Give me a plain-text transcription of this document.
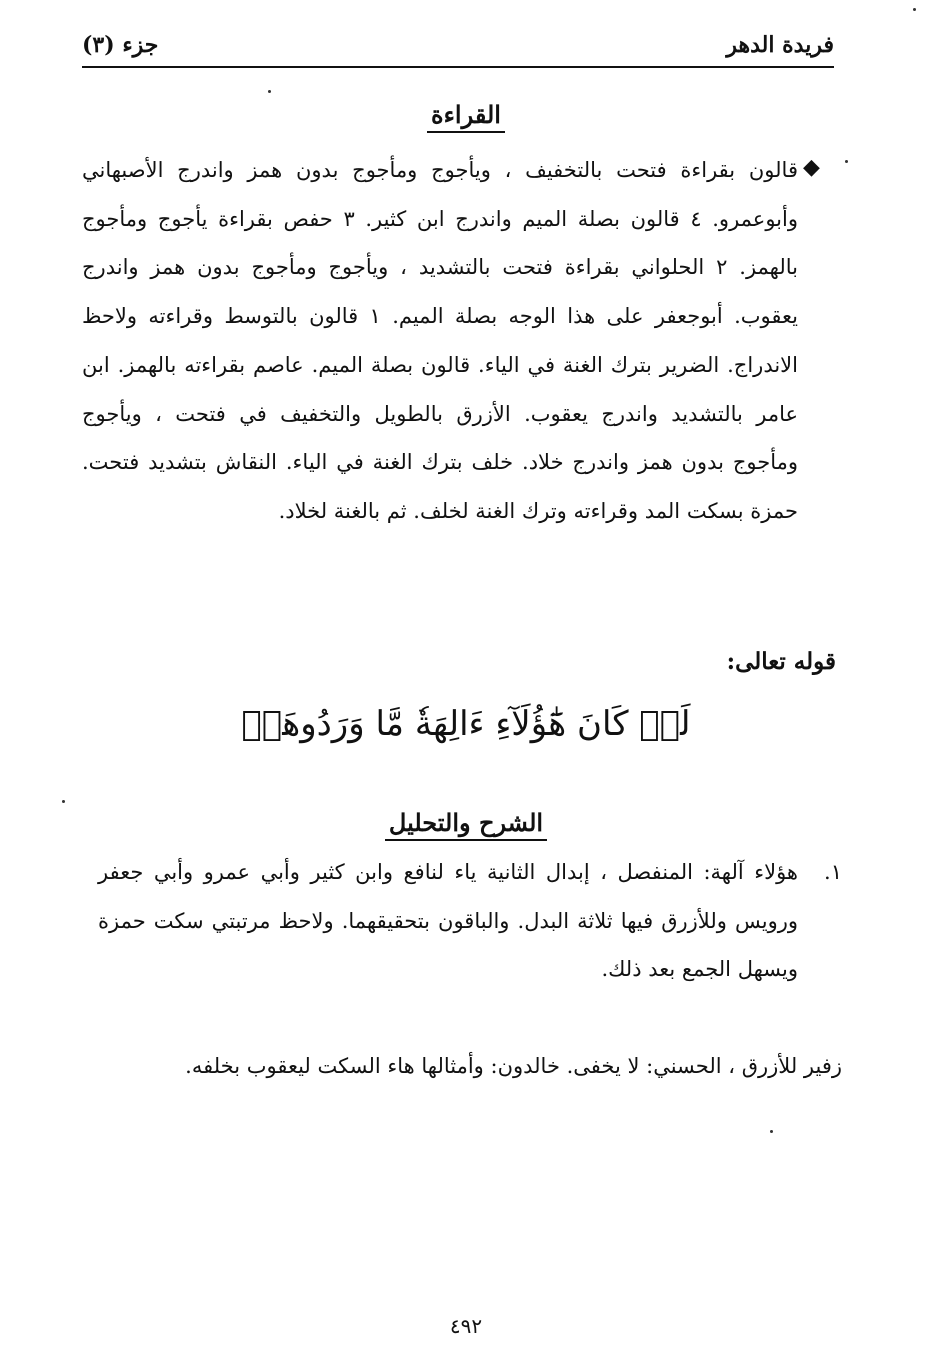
فريدة الدهر
جزء (٣)
القراءة
◆
قالون بقراءة فتحت بالتخفيف ، ويأجوج ومأجوج بدون همز واندرج الأصبهاني وأبوعمرو. ٤ قالون بصلة الميم واندرج ابن كثير. ٣ حفص بقراءة يأجوج ومأجوج بالهمز. ٢ الحلواني بقراءة فتحت بالتشديد ، ويأجوج ومأجوج بدون همز واندرج يعقوب. أبوجعفر على هذا الوجه بصلة الميم. ١ قالون بالتوسط وقراءته ولاحظ الاندراج. الضرير بترك الغنة في الياء. قالون بصلة الميم. عاصم بقراءته بالهمز. ابن عامر بالتشديد واندرج يعقوب. الأزرق بالطويل والتخفيف في فتحت ، ويأجوج ومأجوج بدون همز واندرج خلاد. خلف بترك الغنة في الياء. النقاش بتشديد فتحت. حمزة بسكت المد وقراءته وترك الغنة لخلف. ثم بالغنة لخلاد.
قوله تعالى:
لَوۡ كَانَ هَٰٓؤُلَآءِ ءَالِهَةٗ مَّا وَرَدُوهَاۖ
الشرح والتحليل
١.
هؤلاء آلهة: المنفصل ، إبدال الثانية ياء لنافع وابن كثير وأبي عمرو وأبي جعفر ورويس وللأزرق فيها ثلاثة البدل. والباقون بتحقيقهما. ولاحظ مرتبتي سكت حمزة ويسهل الجمع بعد ذلك.
زفير للأزرق ، الحسني: لا يخفى. خالدون: وأمثالها هاء السكت ليعقوب بخلفه.
٤٩٢
